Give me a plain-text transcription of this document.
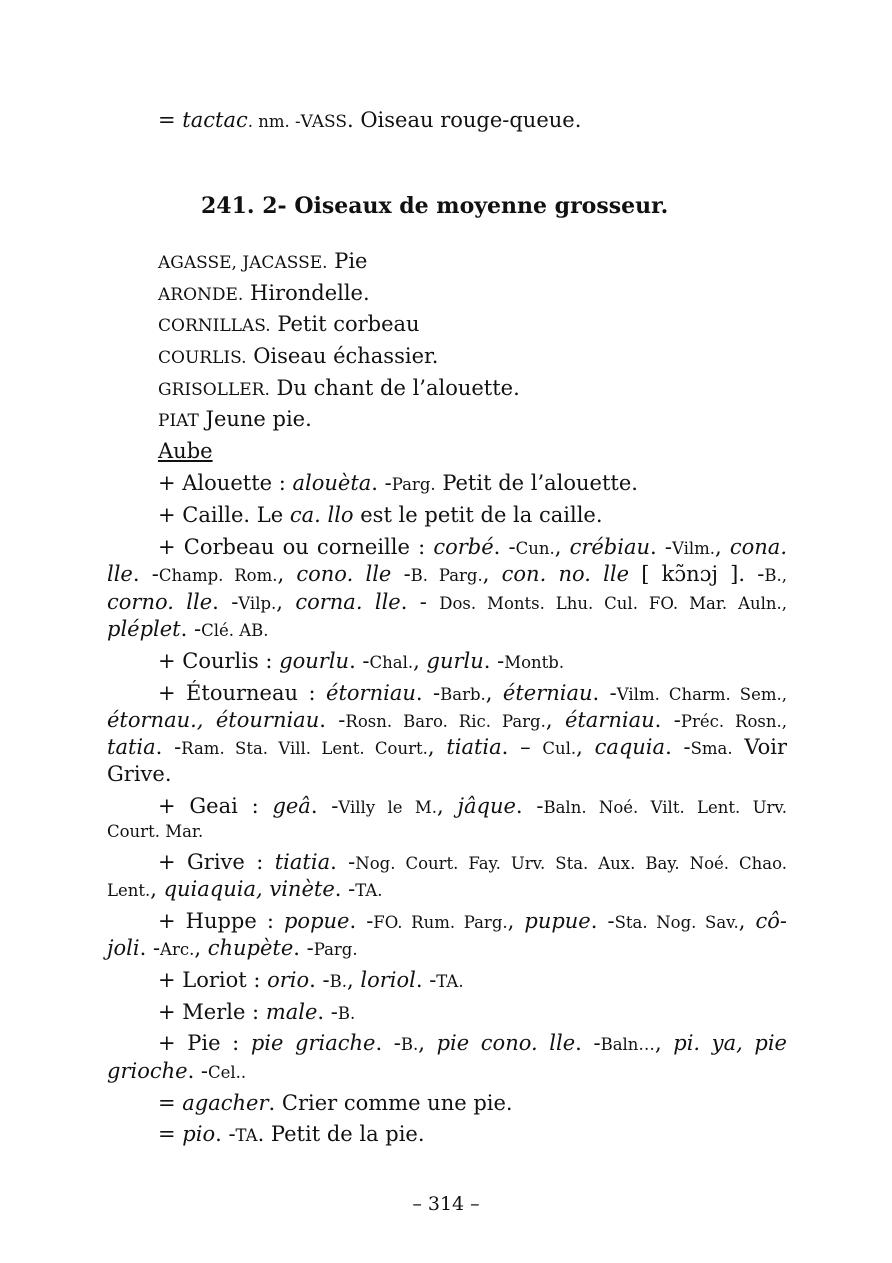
= tactac. nm. -VASS. Oiseau rouge-queue.
241. 2- Oiseaux de moyenne grosseur.
AGASSE, JACASSE. Pie
ARONDE. Hirondelle.
CORNILLAS. Petit corbeau
COURLIS. Oiseau échassier.
GRISOLLER. Du chant de l’alouette.
PIAT Jeune pie.
Aube
+ Alouette : alouèta. -Parg. Petit de l’alouette.
+ Caille. Le ca. llo est le petit de la caille.
+ Corbeau ou corneille : corbé. -Cun., crébiau. -Vilm., cona.
lle. -Champ. Rom., cono. lle -B. Parg., con. no. lle [ kɔ̃nɔj ]. -B.,
corno. lle. -Vilp., corna. lle. - Dos. Monts. Lhu. Cul. FO. Mar. Auln.,
pléplet. -Clé. AB.
+ Courlis : gourlu. -Chal., gurlu. -Montb.
+ Étourneau : étorniau. -Barb., éterniau. -Vilm. Charm. Sem.,
étornau., étourniau. -Rosn. Baro. Ric. Parg., étarniau. -Préc. Rosn.,
tatia. -Ram. Sta. Vill. Lent. Court., tiatia. – Cul., caquia. -Sma. Voir
Grive.
+ Geai : geâ. -Villy le M., jâque. -Baln. Noé. Vilt. Lent. Urv.
Court. Mar.
+ Grive : tiatia. -Nog. Court. Fay. Urv. Sta. Aux. Bay. Noé. Chao.
Lent., quiaquia, vinète. -TA.
+ Huppe : popue. -FO. Rum. Parg., pupue. -Sta. Nog. Sav., cô-
joli. -Arc., chupète. -Parg.
+ Loriot : orio. -B., loriol. -TA.
+ Merle : male. -B.
+ Pie : pie griache. -B., pie cono. lle. -Baln…, pi. ya, pie
grioche. -Cel..
= agacher. Crier comme une pie.
= pio. -TA. Petit de la pie.
– 314 –
